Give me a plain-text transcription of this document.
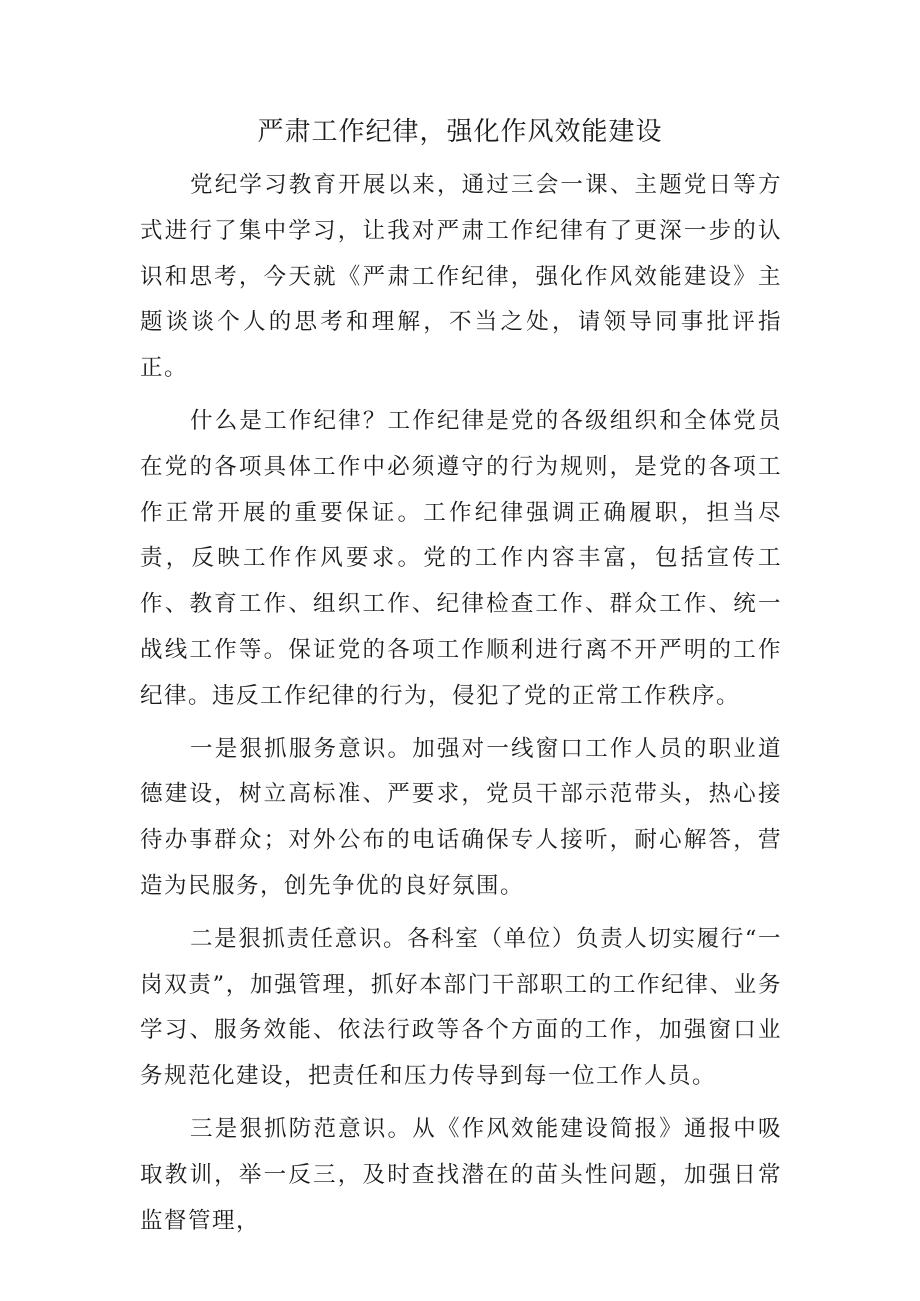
严肃工作纪律，强化作风效能建设

党纪学习教育开展以来，通过三会一课、主题党日等方式进行了集中学习，让我对严肃工作纪律有了更深一步的认识和思考，今天就《严肃工作纪律，强化作风效能建设》主题谈谈个人的思考和理解，不当之处，请领导同事批评指正。

什么是工作纪律？工作纪律是党的各级组织和全体党员在党的各项具体工作中必须遵守的行为规则，是党的各项工作正常开展的重要保证。工作纪律强调正确履职，担当尽责，反映工作作风要求。党的工作内容丰富，包括宣传工作、教育工作、组织工作、纪律检查工作、群众工作、统一战线工作等。保证党的各项工作顺利进行离不开严明的工作纪律。违反工作纪律的行为，侵犯了党的正常工作秩序。

一是狠抓服务意识。加强对一线窗口工作人员的职业道德建设，树立高标准、严要求，党员干部示范带头，热心接待办事群众；对外公布的电话确保专人接听，耐心解答，营造为民服务，创先争优的良好氛围。

二是狠抓责任意识。各科室（单位）负责人切实履行“一岗双责”，加强管理，抓好本部门干部职工的工作纪律、业务学习、服务效能、依法行政等各个方面的工作，加强窗口业务规范化建设，把责任和压力传导到每一位工作人员。

三是狠抓防范意识。从《作风效能建设简报》通报中吸取教训，举一反三，及时查找潜在的苗头性问题，加强日常监督管理，
